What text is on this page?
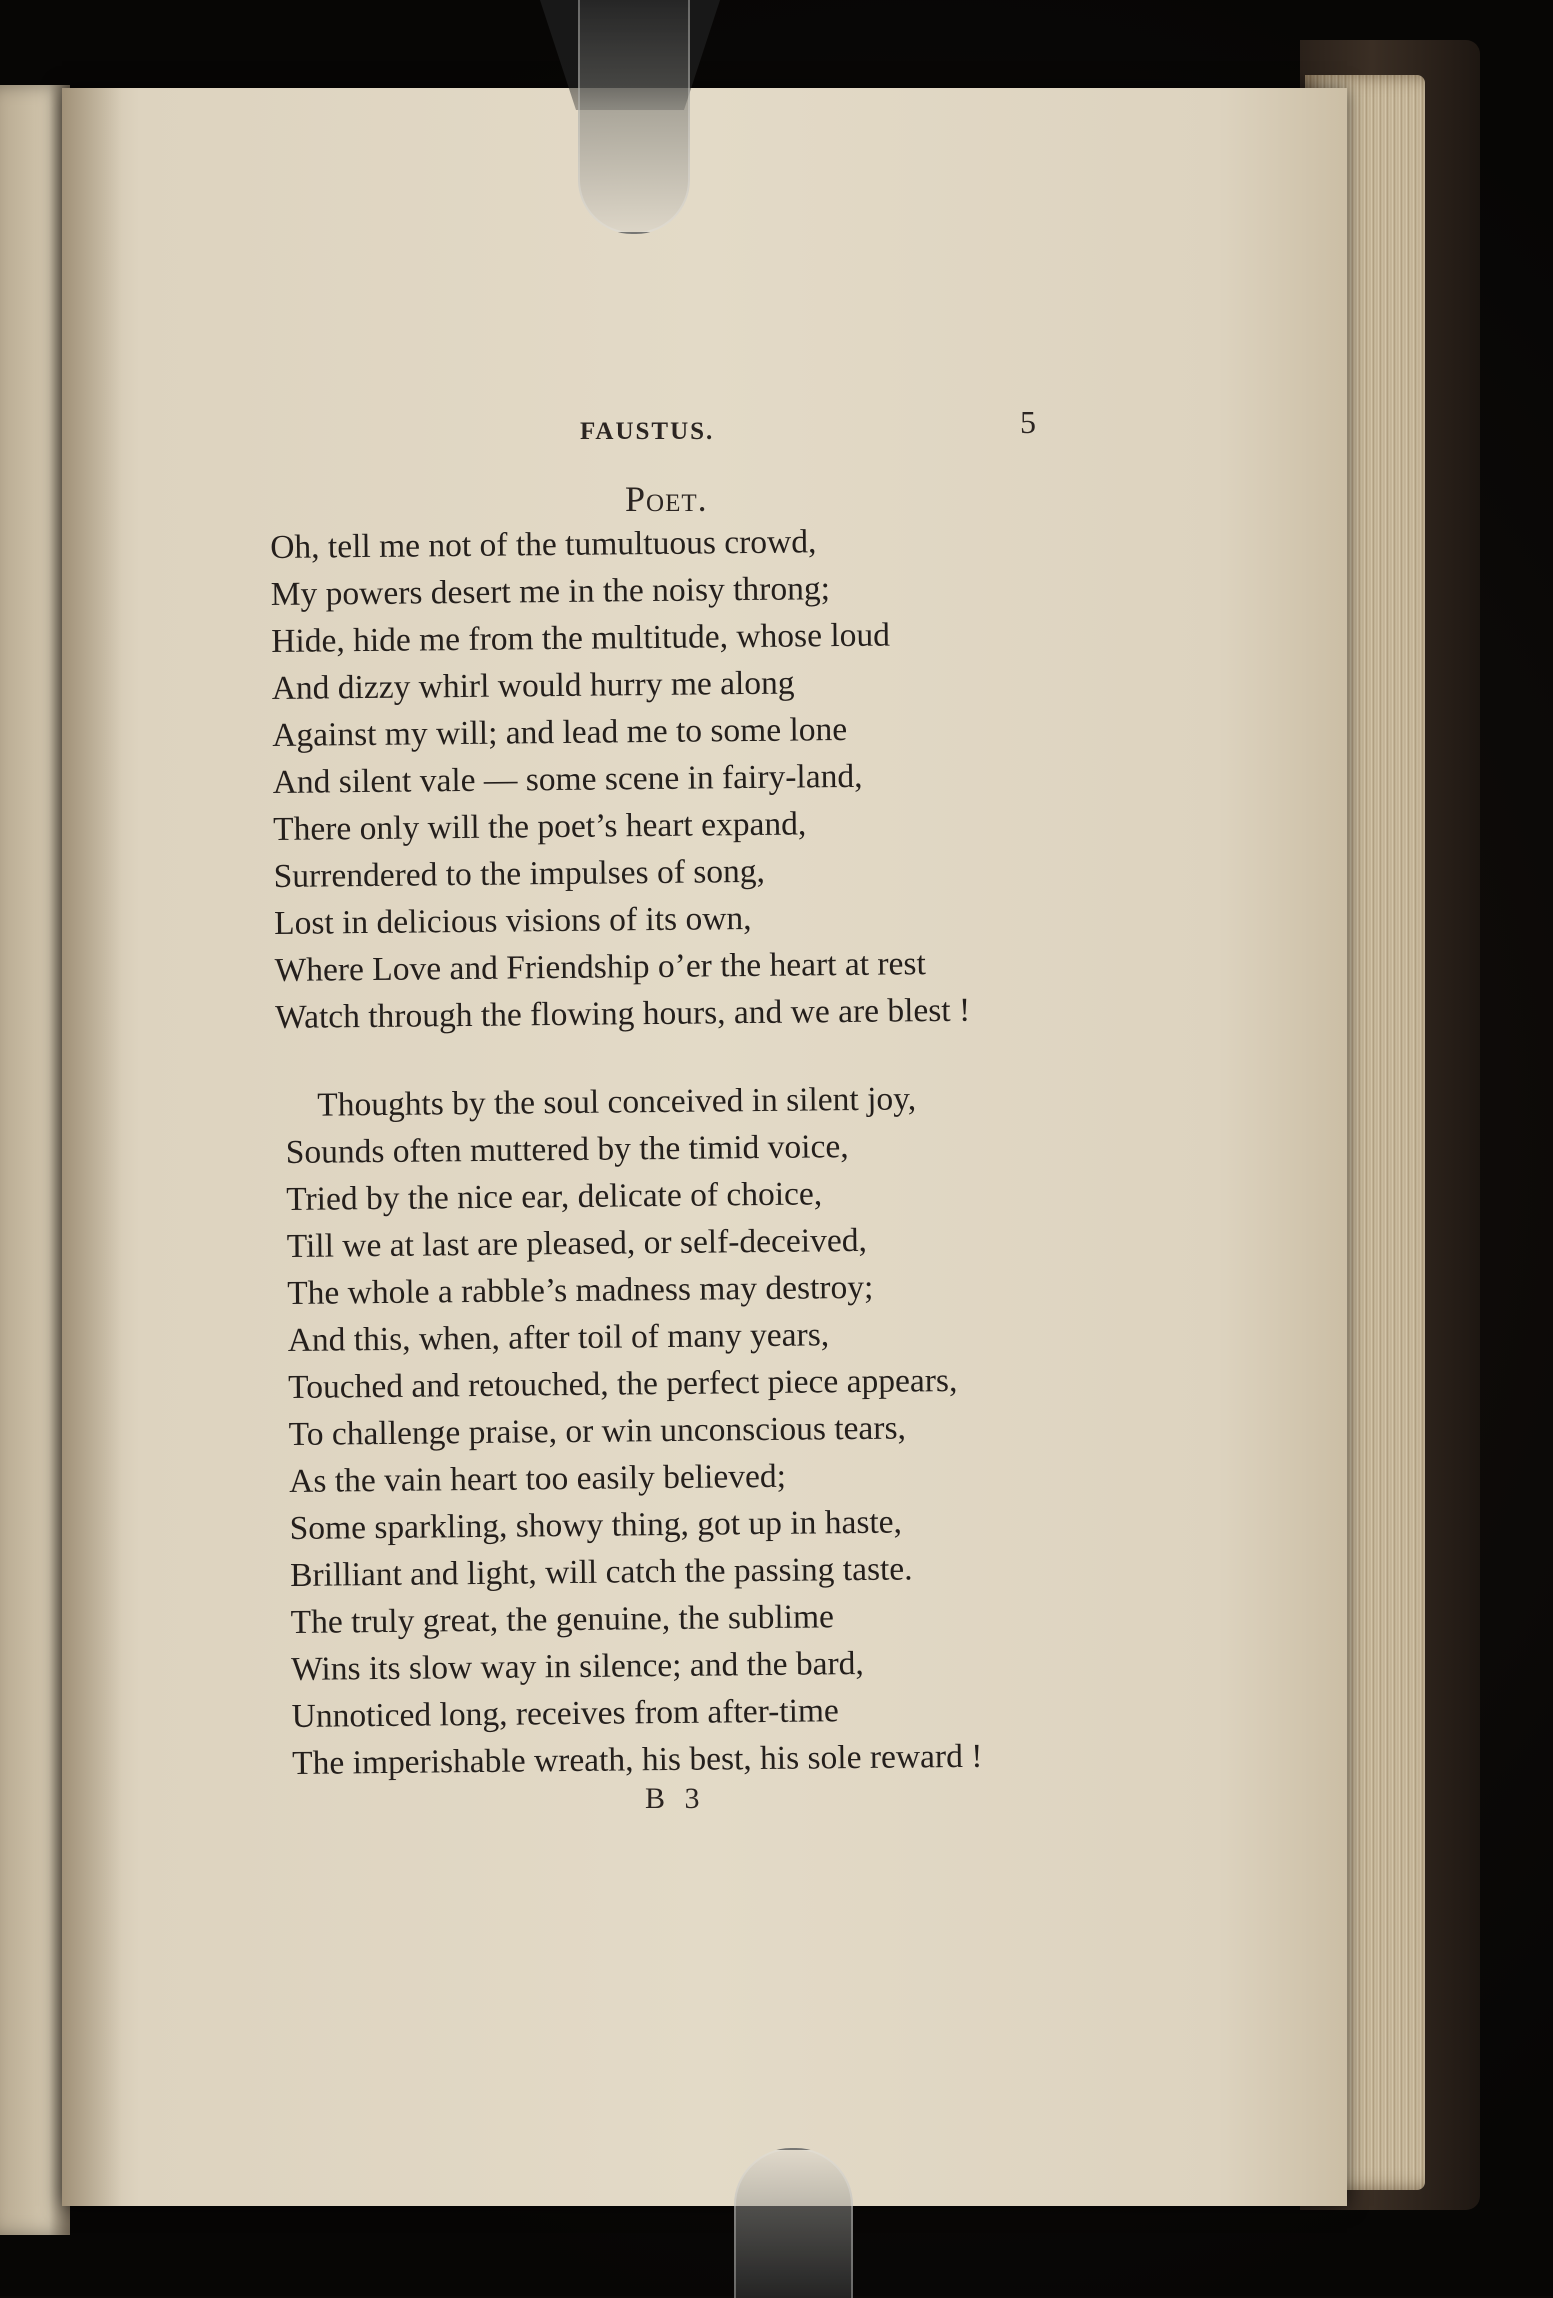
FAUSTUS.	5
Poet.
Oh, tell me not of the tumultuous crowd,
My powers desert me in the noisy throng;
Hide, hide me from the multitude, whose loud
And dizzy whirl would hurry me along
Against my will; and lead me to some lone
And silent vale — some scene in fairy-land,
There only will the poet’s heart expand,
Surrendered to the impulses of song,
Lost in delicious visions of its own,
Where Love and Friendship o’er the heart at rest
Watch through the flowing hours, and we are blest !
Thoughts by the soul conceived in silent joy,
Sounds often muttered by the timid voice,
Tried by the nice ear, delicate of choice,
Till we at last are pleased, or self-deceived,
The whole a rabble’s madness may destroy;
And this, when, after toil of many years,
Touched and retouched, the perfect piece appears,
To challenge praise, or win unconscious tears,
As the vain heart too easily believed;
Some sparkling, showy thing, got up in haste,
Brilliant and light, will catch the passing taste.
The truly great, the genuine, the sublime
Wins its slow way in silence; and the bard,
Unnoticed long, receives from after-time
The imperishable wreath, his best, his sole reward !
B 3
